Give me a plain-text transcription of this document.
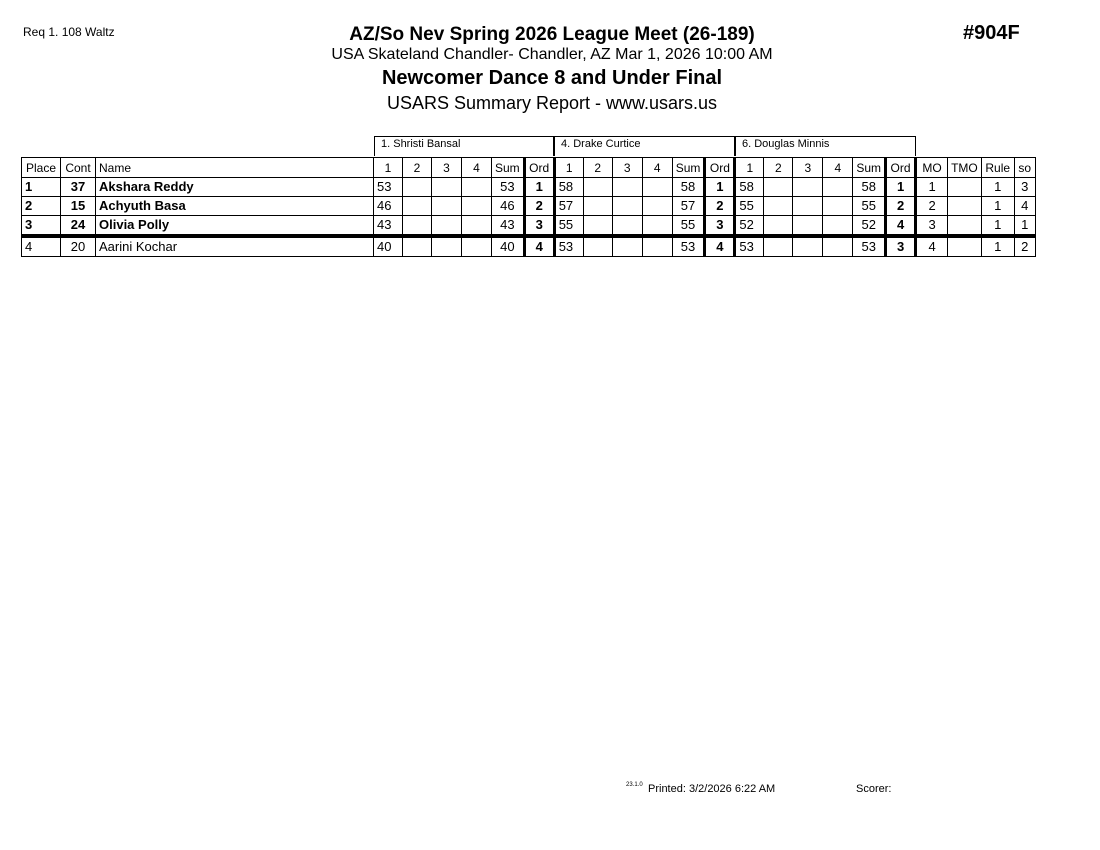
Req 1. 108 Waltz	#904F
AZ/So Nev Spring 2026 League Meet (26-189)
USA Skateland Chandler- Chandler, AZ Mar 1, 2026 10:00 AM
Newcomer Dance 8 and Under Final
USARS Summary Report - www.usars.us
1. Shristi Bansal	4. Drake Curtice	6. Douglas Minnis
Place	Cont	Name	1	2	3	4	Sum	Ord	1	2	3	4	Sum	Ord	1	2	3	4	Sum	Ord	MO	TMO	Rule	so
1	37	Akshara Reddy	53				53	1	58				58	1	58				58	1	1		1	3
2	15	Achyuth Basa	46				46	2	57				57	2	55				55	2	2		1	4
3	24	Olivia Polly	43				43	3	55				55	3	52				52	4	3		1	1
4	20	Aarini Kochar	40				40	4	53				53	4	53				53	3	4		1	2
23.1.0 Printed: 3/2/2026 6:22 AM	Scorer:
